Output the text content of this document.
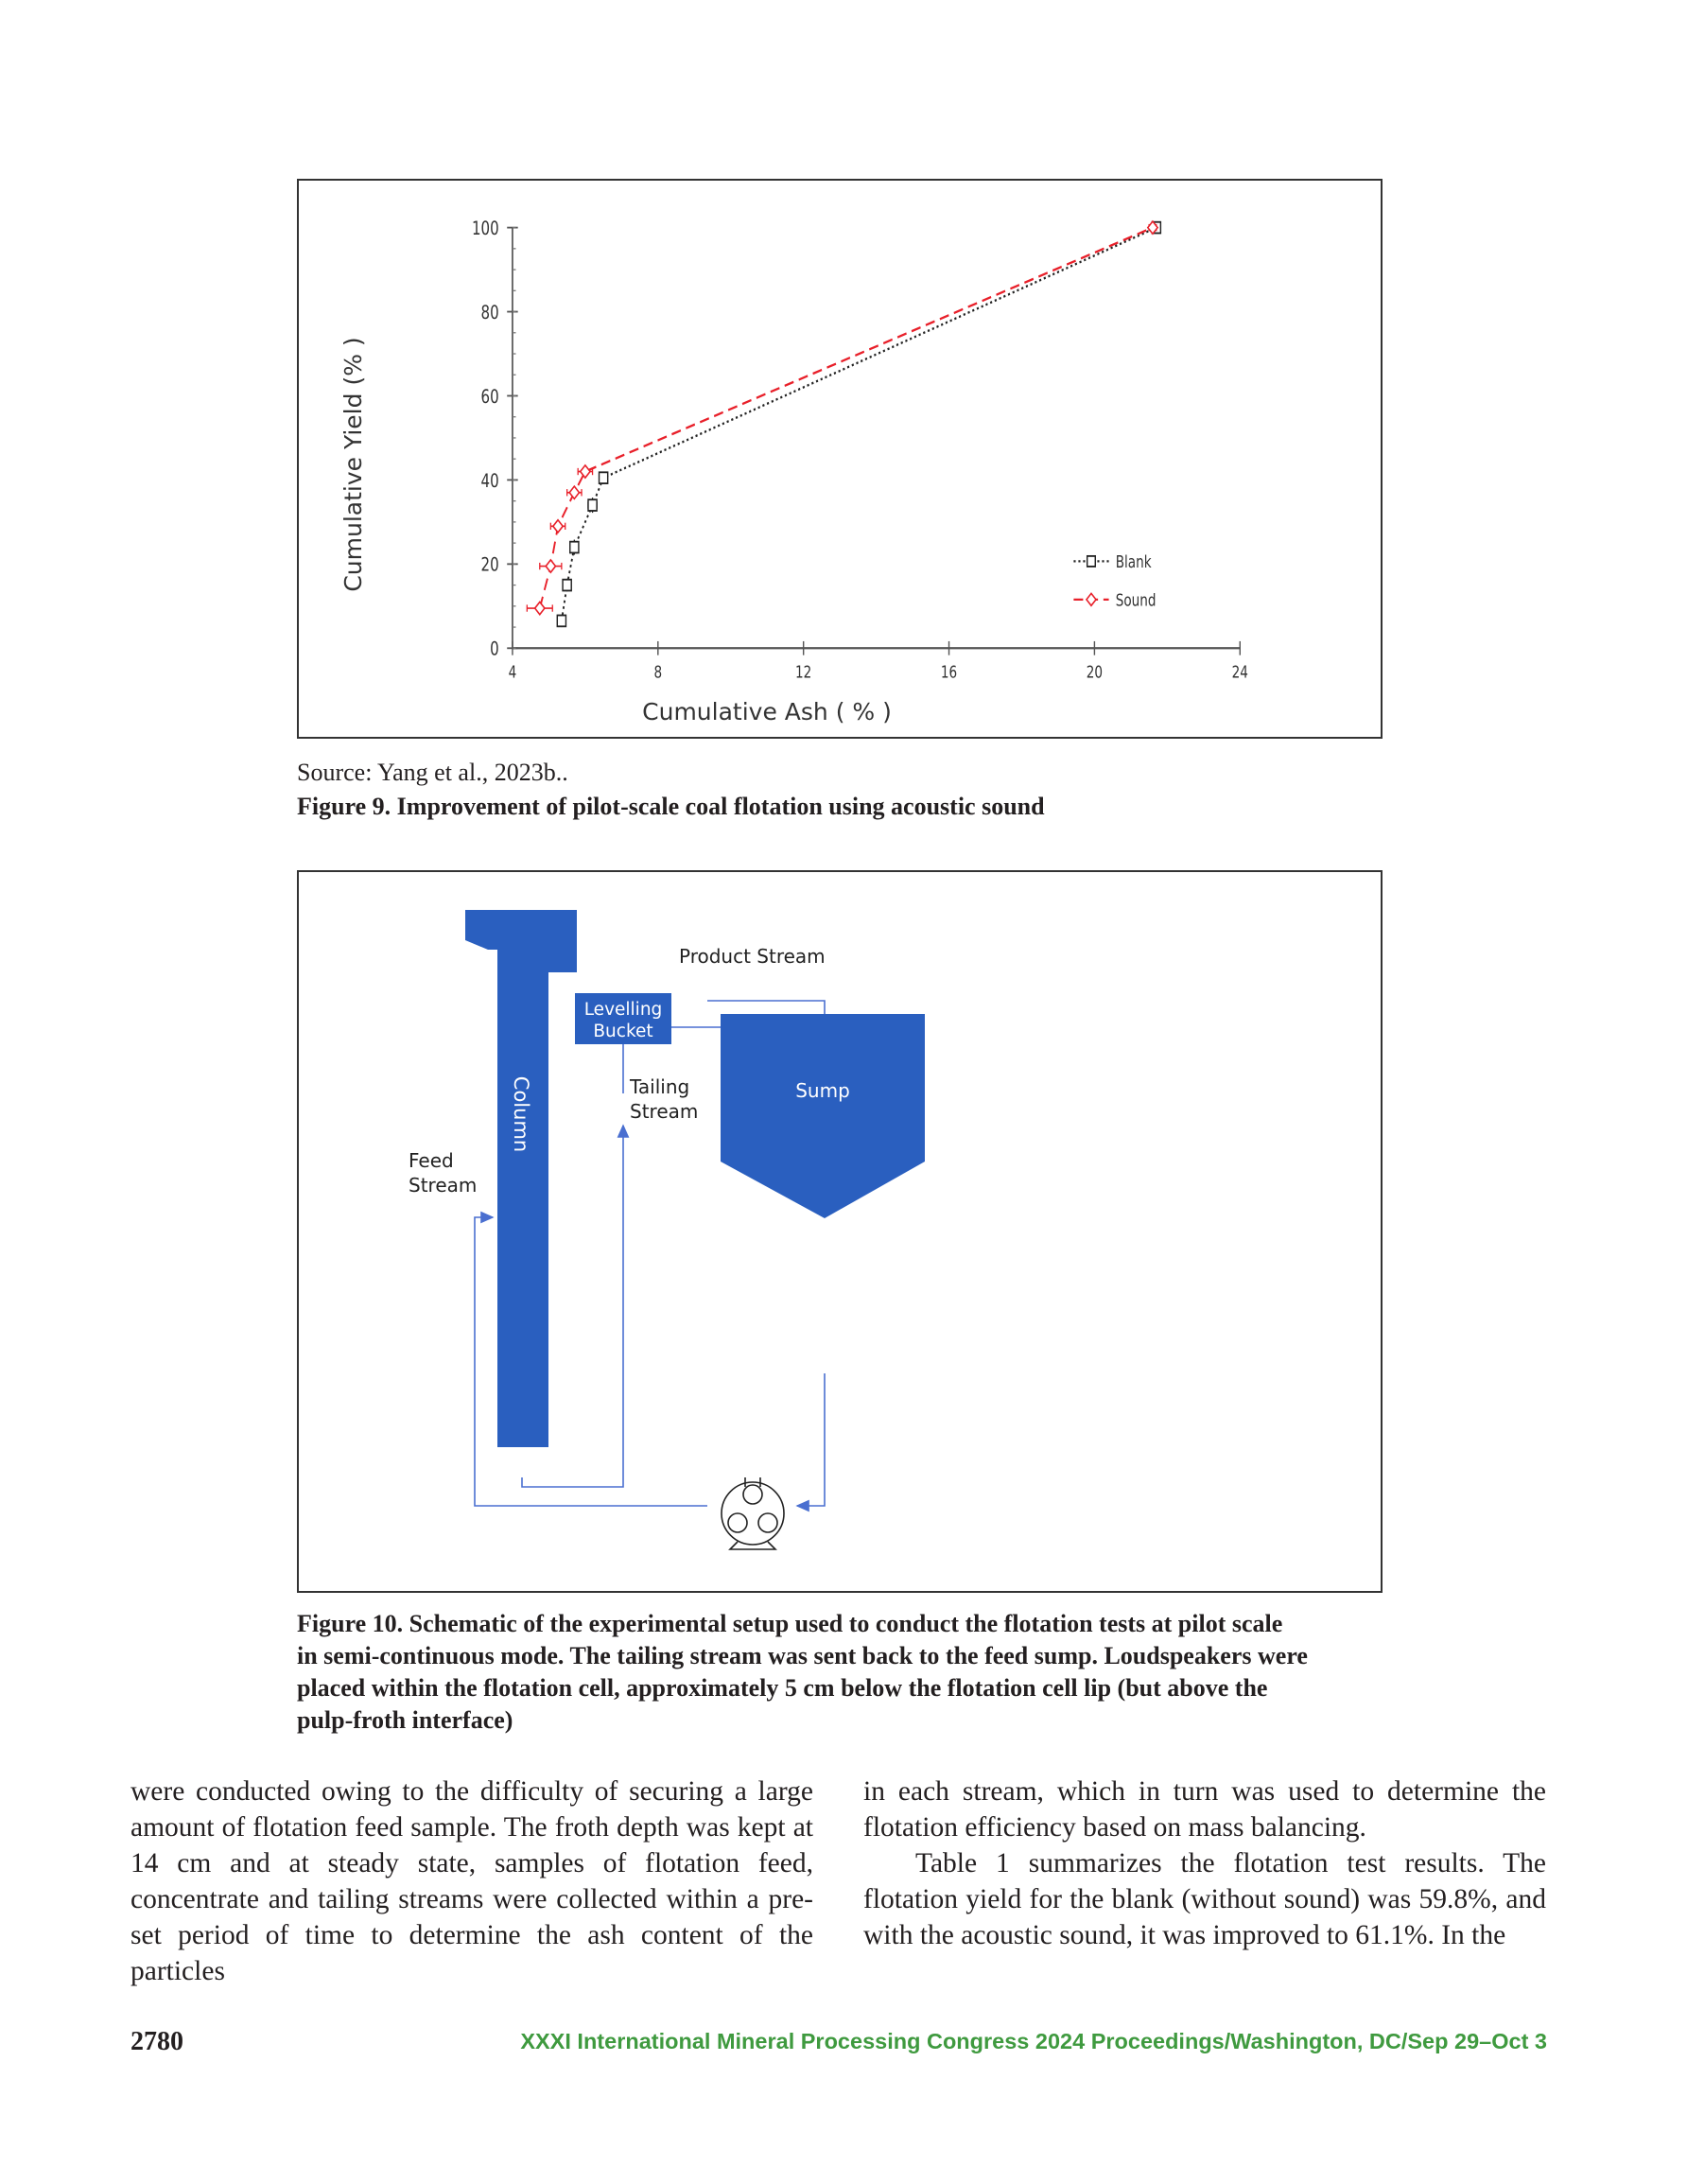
0
20
40
60
80
100
4	8	12	16	20	24
Blank
Sound
Cumulative Ash ( % )
Cumulative Yield (% )
Source: Yang et al., 2023b..
Figure 9. Improvement of pilot-scale coal flotation using acoustic sound
Column
Levelling
Bucket
Sump
Product Stream
Tailing
Stream
Feed
Stream
Figure 10. Schematic of the experimental setup used to conduct the flotation tests at pilot scale
in semi-continuous mode. The tailing stream was sent back to the feed sump. Loudspeakers were
placed within the flotation cell, approximately 5 cm below the flotation cell lip (but above the
pulp-froth interface)

were conducted owing to the difficulty of securing a large amount of flotation feed sample. The froth depth was kept at 14 cm and at steady state, samples of flotation feed, concentrate and tailing streams were collected within a pre-set period of time to determine the ash content of the particles

in each stream, which in turn was used to determine the flotation efficiency based on mass balancing.

Table 1 summarizes the flotation test results. The flotation yield for the blank (without sound) was 59.8%, and with the acoustic sound, it was improved to 61.1%. In the

2780	XXXI International Mineral Processing Congress 2024 Proceedings/Washington, DC/Sep 29–Oct 3
